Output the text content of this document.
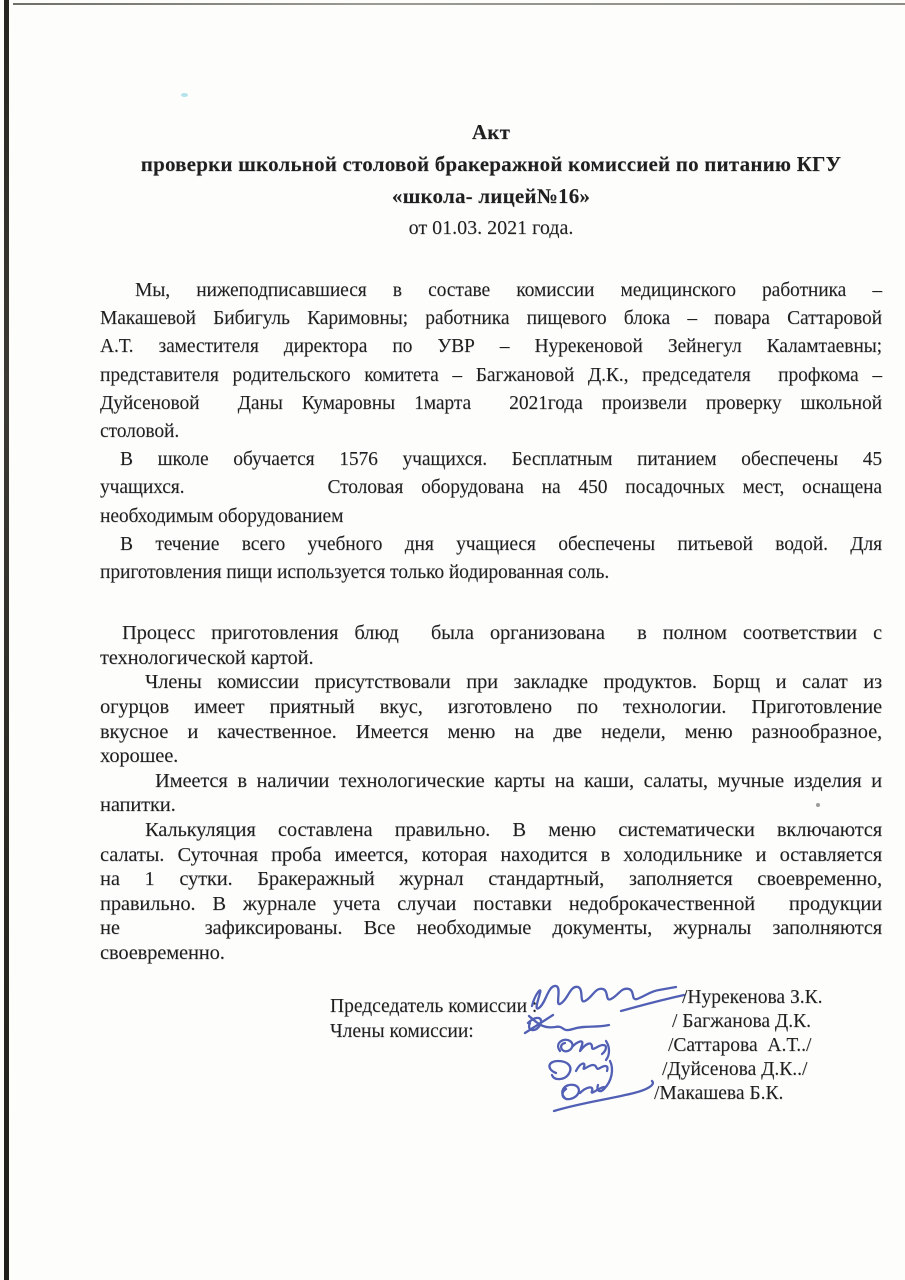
Акт
проверки школьной столовой бракеражной комиссией по питанию КГУ
«школа- лицей№16»
от 01.03. 2021 года.
Мы, нижеподписавшиеся в составе комиссии медицинского работника –
Макашевой Бибигуль Каримовны; работника пищевого блока – повара Саттаровой
А.Т. заместителя директора по УВР – Нурекеновой Зейнегул Каламтаевны;
представителя родительского комитета – Багжановой Д.К., председателя  профкома –
Дуйсеновой  Даны Кумаровны 1марта  2021года произвели проверку школьной
столовой.
В школе обучается 1576 учащихся. Бесплатным питанием обеспечены 45
учащихся.        Столовая оборудована на 450 посадочных мест, оснащена
необходимым оборудованием
В течение всего учебного дня учащиеся обеспечены питьевой водой. Для
приготовления пищи используется только йодированная соль.
Процесс приготовления блюд  была организована  в полном соответствии с
технологической картой.
Члены комиссии присутствовали при закладке продуктов. Борщ и салат из
огурцов имеет приятный вкус, изготовлено по технологии. Приготовление
вкусное и качественное. Имеется меню на две недели, меню разнообразное,
хорошее.
Имеется в наличии технологические карты на каши, салаты, мучные изделия и
напитки.
Калькуляция составлена правильно. В меню систематически включаются
салаты. Суточная проба имеется, которая находится в холодильнике и оставляется
на 1 сутки. Бракеражный журнал стандартный, заполняется своевременно,
правильно. В журнале учета случаи поставки недоброкачественной  продукции
не    зафиксированы. Все необходимые документы, журналы заполняются
своевременно.
Председатель комиссии :
Члены комиссии:
/Нурекенова З.К.
/ Багжанова Д.К.
/Саттарова  А.Т../
/Дуйсенова Д.К../
/Макашева Б.К.
